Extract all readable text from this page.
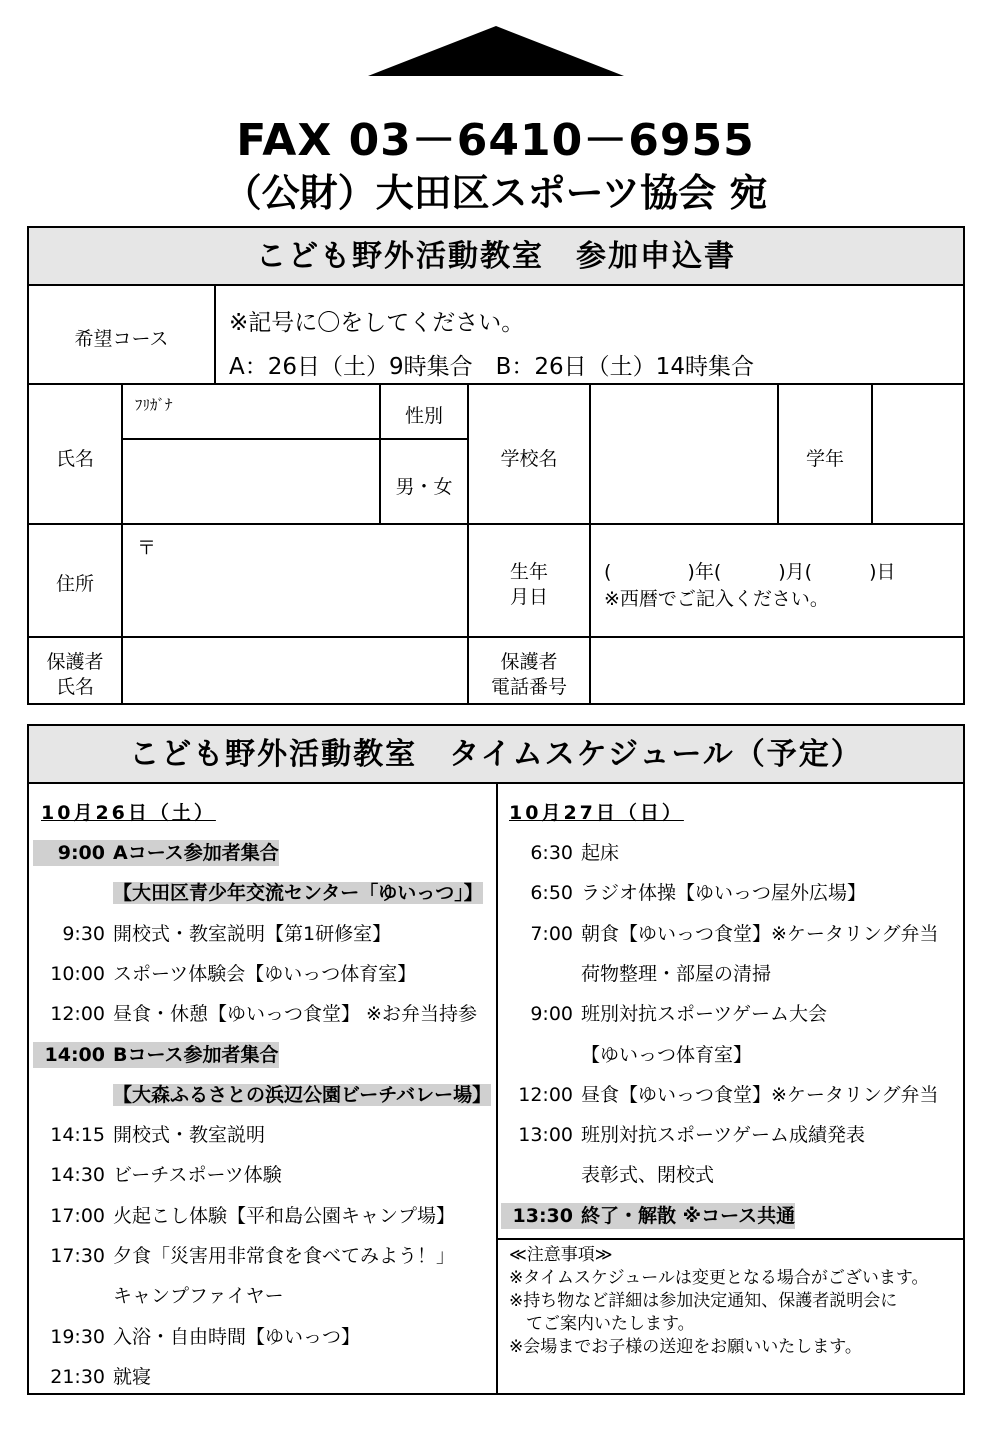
FAX 03－6410－6955
（公財）大田区スポーツ協会 宛
こども野外活動教室　参加申込書
希望コース
※記号に〇をしてください。
A：26日（土）9時集合　B：26日（土）14時集合
氏名
ﾌﾘｶﾞﾅ	性別
男・女
学校名	学年
住所
〒
生年
月日
(　　　　)年(　　　)月(　　　)日
※西暦でご記入ください。
保護者
氏名
保護者
電話番号
こども野外活動教室　タイムスケジュール（予定）
10月26日（土）
9:00 Aコース参加者集合
【大田区青少年交流センター「ゆいっつ」】
9:30 開校式・教室説明【第1研修室】
10:00 スポーツ体験会【ゆいっつ体育室】
12:00 昼食・休憩【ゆいっつ食堂】 ※お弁当持参
14:00 Bコース参加者集合
【大森ふるさとの浜辺公園ビーチバレー場】
14:15 開校式・教室説明
14:30 ビーチスポーツ体験
17:00 火起こし体験【平和島公園キャンプ場】
17:30 夕食「災害用非常食を食べてみよう！」
キャンプファイヤー
19:30 入浴・自由時間【ゆいっつ】
21:30 就寝
10月27日（日）
6:30 起床
6:50 ラジオ体操【ゆいっつ屋外広場】
7:00 朝食【ゆいっつ食堂】※ケータリング弁当
荷物整理・部屋の清掃
9:00 班別対抗スポーツゲーム大会
【ゆいっつ体育室】
12:00 昼食【ゆいっつ食堂】※ケータリング弁当
13:00 班別対抗スポーツゲーム成績発表
表彰式、閉校式
13:30 終了・解散 ※コース共通
≪注意事項≫
※タイムスケジュールは変更となる場合がございます。
※持ち物など詳細は参加決定通知、保護者説明会に
　てご案内いたします。
※会場までお子様の送迎をお願いいたします。
